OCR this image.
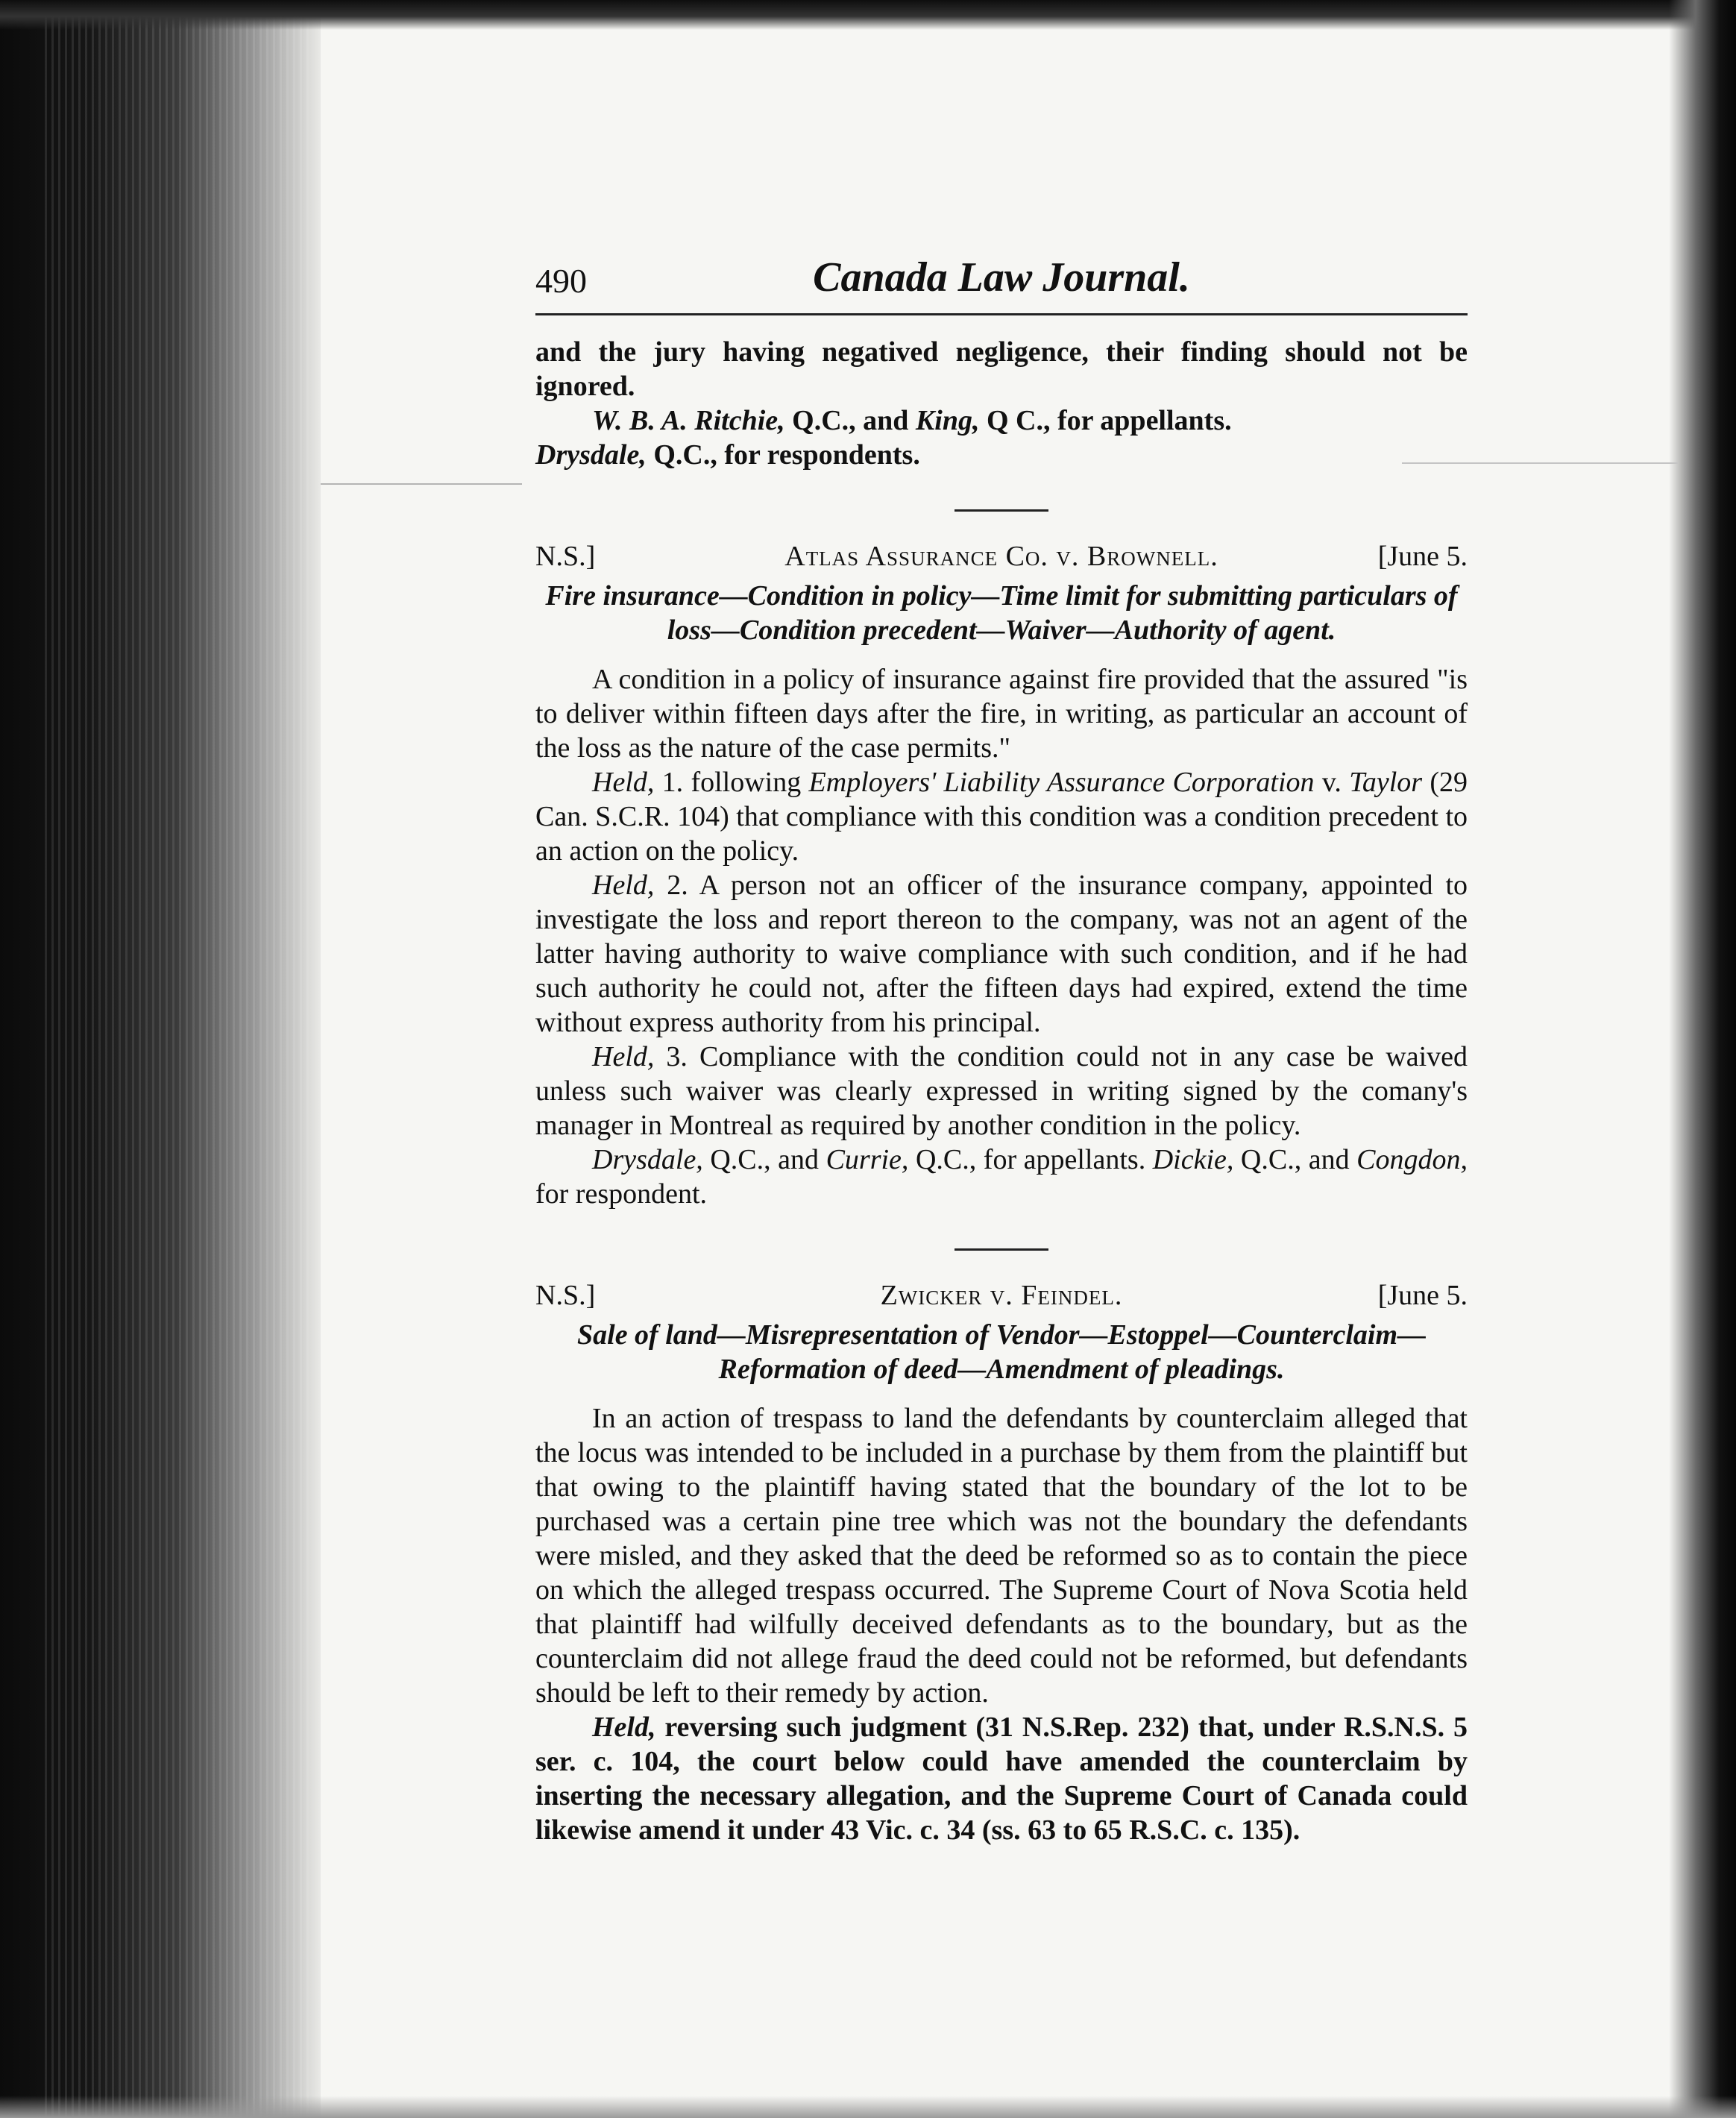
490	Canada Law Journal.

and the jury having negatived negligence, their finding should not be ignored.

W. B. A. Ritchie, Q.C., and King, Q C., for appellants.

Drysdale, Q.C., for respondents.

N.S.]	Atlas Assurance Co. v. Brownell.	[June 5.
Fire insurance—Condition in policy—Time limit for submitting particulars of loss—Condition precedent—Waiver—Authority of agent.

A condition in a policy of insurance against fire provided that the assured "is to deliver within fifteen days after the fire, in writing, as particular an account of the loss as the nature of the case permits."

Held, 1. following Employers' Liability Assurance Corporation v. Taylor (29 Can. S.C.R. 104) that compliance with this condition was a condition precedent to an action on the policy.

Held, 2. A person not an officer of the insurance company, appointed to investigate the loss and report thereon to the company, was not an agent of the latter having authority to waive compliance with such condition, and if he had such authority he could not, after the fifteen days had expired, extend the time without express authority from his principal.

Held, 3. Compliance with the condition could not in any case be waived unless such waiver was clearly expressed in writing signed by the comany's manager in Montreal as required by another condition in the policy.

Drysdale, Q.C., and Currie, Q.C., for appellants. Dickie, Q.C., and Congdon, for respondent.

N.S.]	Zwicker v. Feindel.	[June 5.
Sale of land—Misrepresentation of Vendor—Estoppel—Counterclaim—Reformation of deed—Amendment of pleadings.

In an action of trespass to land the defendants by counterclaim alleged that the locus was intended to be included in a purchase by them from the plaintiff but that owing to the plaintiff having stated that the boundary of the lot to be purchased was a certain pine tree which was not the boundary the defendants were misled, and they asked that the deed be reformed so as to contain the piece on which the alleged trespass occurred. The Supreme Court of Nova Scotia held that plaintiff had wilfully deceived defendants as to the boundary, but as the counterclaim did not allege fraud the deed could not be reformed, but defendants should be left to their remedy by action.

Held, reversing such judgment (31 N.S.Rep. 232) that, under R.S.N.S. 5 ser. c. 104, the court below could have amended the counterclaim by inserting the necessary allegation, and the Supreme Court of Canada could likewise amend it under 43 Vic. c. 34 (ss. 63 to 65 R.S.C. c. 135).
